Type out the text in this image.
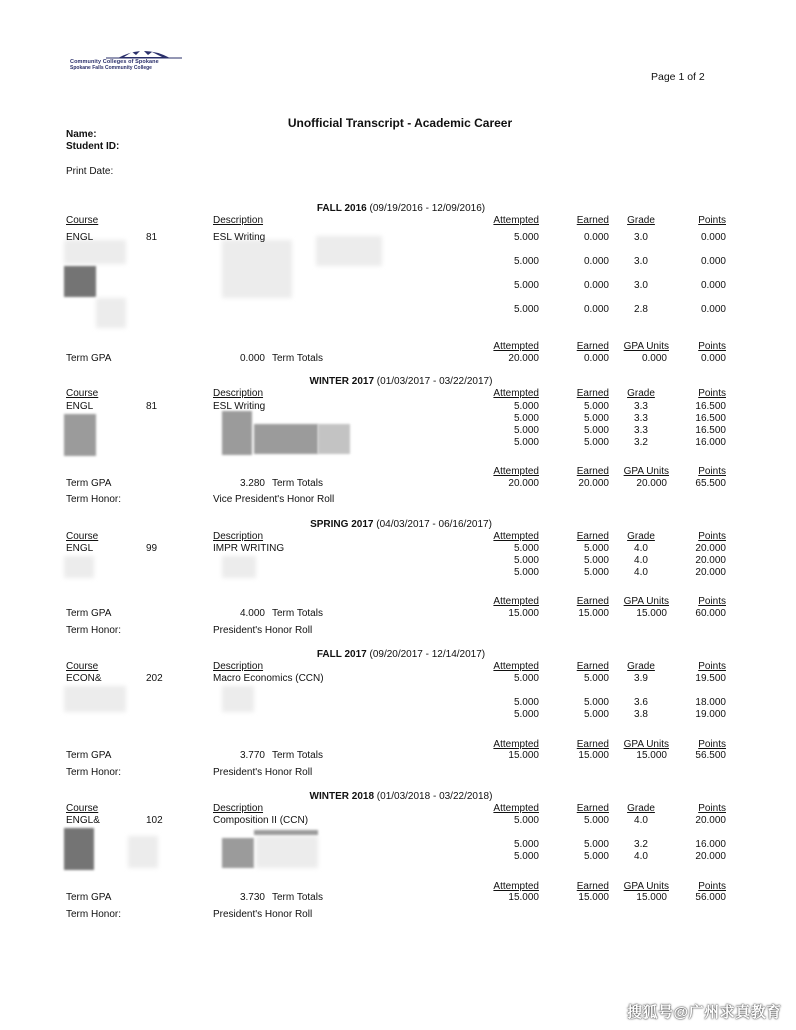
Community Colleges of Spokane
Spokane Falls Community College
Page 1 of 2
Unofficial Transcript - Academic Career
Name:
Student ID:
Print Date:
FALL 2016 (09/19/2016 - 12/09/2016)
Course	Description	Attempted	Earned	Grade	Points
ENGL	81	ESL Writing	5.000	0.000	3.0	0.000
5.000	0.000	3.0	0.000
5.000	0.000	3.0	0.000
5.000	0.000	2.8	0.000
Attempted	Earned	GPA Units	Points
Term GPA	0.000 Term Totals	20.000	0.000	0.000	0.000
WINTER 2017 (01/03/2017 - 03/22/2017)
Course	Description	Attempted	Earned	Grade	Points
ENGL	81	ESL Writing	5.000	5.000	3.3	16.500
5.000	5.000	3.3	16.500
5.000	5.000	3.3	16.500
5.000	5.000	3.2	16.000
Attempted	Earned	GPA Units	Points
Term GPA	3.280 Term Totals	20.000	20.000	20.000	65.500
Term Honor:	Vice President's Honor Roll
SPRING 2017 (04/03/2017 - 06/16/2017)
Course	Description	Attempted	Earned	Grade	Points
ENGL	99	IMPR WRITING	5.000	5.000	4.0	20.000
5.000	5.000	4.0	20.000
5.000	5.000	4.0	20.000
Attempted	Earned	GPA Units	Points
Term GPA	4.000 Term Totals	15.000	15.000	15.000	60.000
Term Honor:	President's Honor Roll
FALL 2017 (09/20/2017 - 12/14/2017)
Course	Description	Attempted	Earned	Grade	Points
ECON&	202	Macro Economics (CCN)	5.000	5.000	3.9	19.500
5.000	5.000	3.6	18.000
5.000	5.000	3.8	19.000
Attempted	Earned	GPA Units	Points
Term GPA	3.770 Term Totals	15.000	15.000	15.000	56.500
Term Honor:	President's Honor Roll
WINTER 2018 (01/03/2018 - 03/22/2018)
Course	Description	Attempted	Earned	Grade	Points
ENGL&	102	Composition II (CCN)	5.000	5.000	4.0	20.000
5.000	5.000	3.2	16.000
5.000	5.000	4.0	20.000
Attempted	Earned	GPA Units	Points
Term GPA	3.730 Term Totals	15.000	15.000	15.000	56.000
Term Honor:	President's Honor Roll
搜狐号@广州求真教育
